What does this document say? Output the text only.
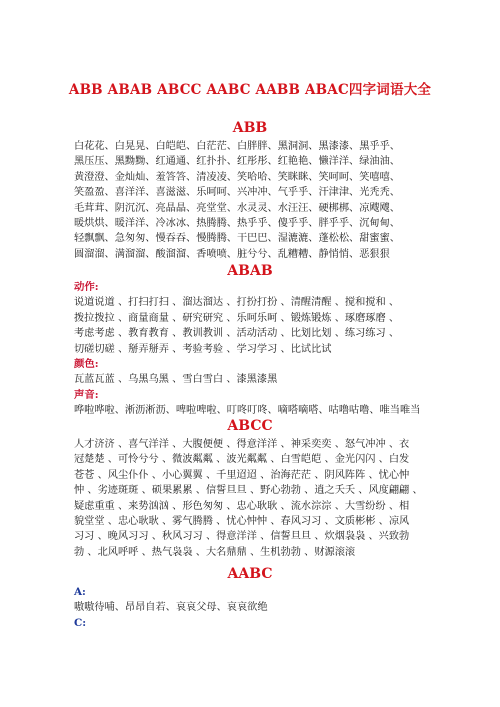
ABB ABAB ABCC AABC AABB ABAC四字词语大全
ABB
白花花、白晃晃、白皑皑、白茫茫、白胖胖、黑洞洞、黑漆漆、黑乎乎、
黑压压、黑黝黝、红通通、红扑扑、红彤彤、红艳艳、懒洋洋、绿油油、
黄澄澄、金灿灿、羞答答、清凌凌、笑哈哈、笑眯眯、笑呵呵、笑嘻嘻、
笑盈盈、喜洋洋、喜滋滋、乐呵呵、兴冲冲、气乎乎、汗津津、光秃秃、
毛茸茸、阴沉沉、亮晶晶、亮堂堂、水灵灵、水汪汪、硬梆梆、凉飕飕、
暖烘烘、暖洋洋、冷冰冰、热腾腾、热乎乎、傻乎乎、胖乎乎、沉甸甸、
轻飘飘、急匆匆、慢吞吞、慢腾腾、干巴巴、湿漉漉、蓬松松、甜蜜蜜、
圆溜溜、满溜溜、酸溜溜、香喷喷、脏兮兮、乱糟糟、静悄悄、恶狠狠
ABAB
动作:
说道说道 、打扫打扫 、溜达溜达 、打扮打扮 、清醒清醒 、搅和搅和 、
拨拉拨拉 、商量商量 、研究研究 、乐呵乐呵 、锻炼锻炼 、琢磨琢磨 、
考虑考虑 、教育教育 、教训教训 、活动活动 、比划比划 、练习练习 、
切磋切磋 、掰弄掰弄 、考验考验 、学习学习 、比试比试
颜色:
瓦蓝瓦蓝 、乌黑乌黑 、雪白雪白 、漆黑漆黑
声音:
哗啦哗啦、淅沥淅沥、啤啦啤啦、叮咚叮咚、嘀嗒嘀嗒、咕噜咕噜、唯当唯当
ABCC
人才济济 、喜气洋洋 、大腹便便 、得意洋洋 、神采奕奕 、怒气冲冲 、衣
冠楚楚 、可怜兮兮 、微波粼粼 、波光粼粼 、白雪皑皑 、金光闪闪 、白发
苍苍 、风尘仆仆 、小心翼翼 、千里迢迢 、治海茫茫 、阴风阵阵 、忧心忡
忡 、劣迹斑斑 、硕果累累 、信誓旦旦 、野心勃勃 、逍之夭夭 、风度翩翩 、
疑虑重重 、来势汹汹 、形色匆匆 、忠心耿耿 、流水淙淙 、大雪纷纷 、相
貌堂堂 、忠心耿耿 、雾气腾腾 、忧心忡忡 、春风习习 、文质彬彬 、凉风
习习 、晚风习习 、秋风习习 、得意洋洋 、信誓旦旦 、炊烟袅袅 、兴致勃
勃 、北风呼呼 、热气袅袅 、大名鼎鼎 、生机勃勃 、财源滚滚
AABC
A:
嗷嗷待哺、昂昂自若、哀哀父母、哀哀欲绝
C:
